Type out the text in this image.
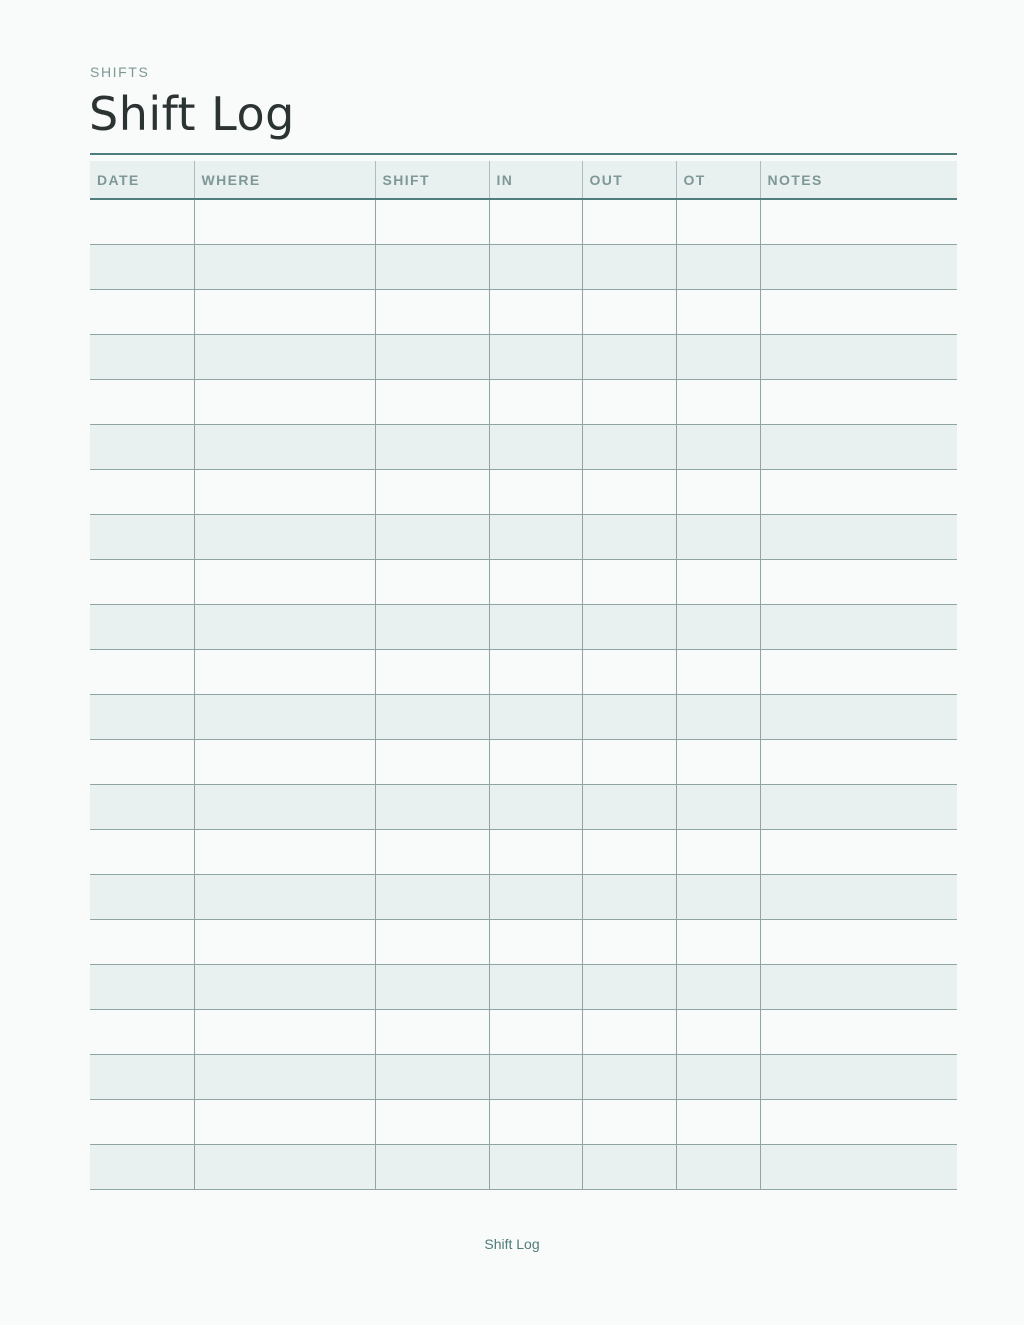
SHIFTS
Shift Log
DATE	WHERE	SHIFT	IN	OUT	OT	NOTES

Shift Log
